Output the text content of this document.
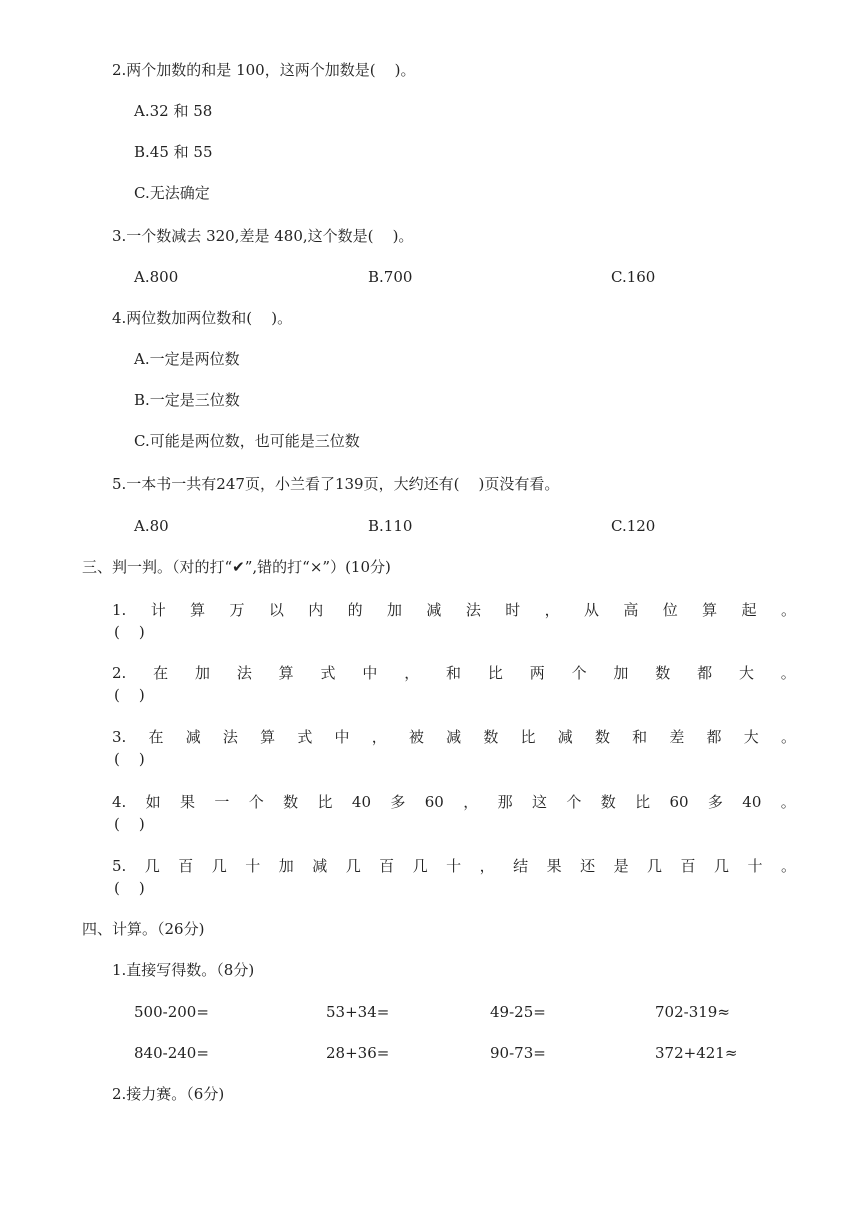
2.两个加数的和是 100，这两个加数是(    )。
A.32 和 58
B.45 和 55
C.无法确定
3.一个数减去 320,差是 480,这个数是(    )。
A.800	B.700	C.160
4.两位数加两位数和(    )。
A.一定是两位数
B.一定是三位数
C.可能是两位数，也可能是三位数
5.一本书一共有247页，小兰看了139页，大约还有(    )页没有看。
A.80	B.110	C.120
三、判一判。（对的打“✔”,错的打“×”）(10分)
1. 计 算 万 以 内 的 加 减 法 时 ， 从 高 位 算 起 。
(    )
2. 在 加 法 算 式 中 ， 和 比 两 个 加 数 都 大 。
(    )
3. 在 减 法 算 式 中 ， 被 减 数 比 减 数 和 差 都 大 。
(    )
4. 如 果 一 个 数 比 40 多 60 ， 那 这 个 数 比 60 多 40 。
(    )
5. 几 百 几 十 加 减 几 百 几 十 ， 结 果 还 是 几 百 几 十 。
(    )
四、计算。（26分)
1.直接写得数。（8分)
500-200=	53+34=	49-25=	702-319≈
840-240=	28+36=	90-73=	372+421≈
2.接力赛。（6分)
